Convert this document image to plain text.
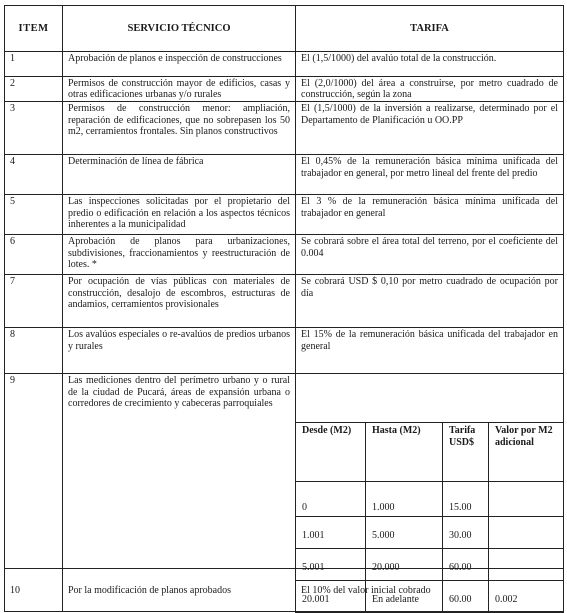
ITEM	SERVICIO TÉCNICO	TARIFA
1	Aprobación de planos e inspección de construcciones	El (1,5/1000) del avalúo total de la construcción.
2	Permisos de construcción mayor de edificios, casas y otras edificaciones urbanas y/o rurales	El (2,0/1000) del área a construirse, por metro cuadrado de construcción, según la zona
3	Permisos de construcción menor: ampliación, reparación de edificaciones, que no sobrepasen los 50 m2, cerramientos frontales. Sin planos constructivos	El (1,5/1000) de la inversión a realizarse, determinado por el Departamento de Planificación u OO.PP
4	Determinación de línea de fábrica	El 0,45% de la remuneración básica mínima unificada del trabajador en general, por metro lineal del frente del predio
5	Las inspecciones solicitadas por el propietario del predio o edificación en relación a los aspectos técnicos inherentes a la municipalidad	El 3 % de la remuneración básica mínima unificada del trabajador en general
6	Aprobación de planos para urbanizaciones, subdivisiones, fraccionamientos y reestructuración de lotes. *	Se cobrará sobre el área total del terreno, por el coeficiente del 0.004
7	Por ocupación de vías públicas con materiales de construcción, desalojo de escombros, estructuras de andamios, cerramientos provisionales	Se cobrará USD $ 0,10 por metro cuadrado de ocupación por día
8	Los avalúos especiales o re-avalúos de predios urbanos y rurales	El 15% de la remuneración básica unificada del trabajador en general
9	Las mediciones dentro del perímetro urbano y o rural de la ciudad de Pucará, áreas de expansión urbana o corredores de crecimiento y cabeceras parroquiales	
Desde (M2)	Hasta (M2)	Tarifa USD$	Valor por M2 adicional
0	1.000	15.00	
1.001	5.000	30.00	
5.001	20.000	60.00	
20.001	En adelante	60.00	0.002

10	Por la modificación de planos aprobados	El 10% del valor inicial cobrado
